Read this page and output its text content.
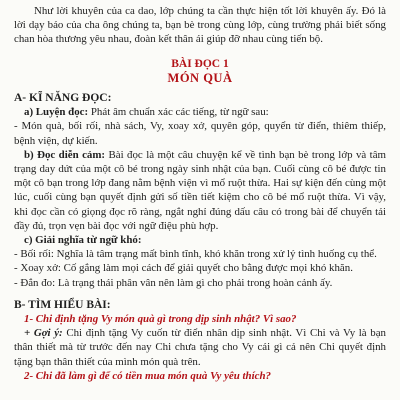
Như lời khuyên của ca dao, lớp chúng ta cần thực hiện tốt lời khuyên ấy. Đó là lời dạy bảo của cha ông chúng ta, bạn bè trong cùng lớp, cùng trường phải biết sống chan hòa thương yêu nhau, đoàn kết thân ái giúp đỡ nhau cùng tiến bộ.

BÀI ĐỌC 1
MÓN QUÀ
A- KĨ NĂNG ĐỌC:

a) Luyện đọc: Phát âm chuẩn xác các tiếng, từ ngữ sau:

- Món quà, bối rối, nhà sách, Vy, xoay xở, quyên góp, quyển từ điển, thiêm thiếp, bệnh viện, dự kiến.

b) Đọc diễn cảm: Bài đọc là một câu chuyện kể về tình bạn bè trong lớp và tâm trạng day dứt của một cô bé trong ngày sinh nhật của bạn. Cuối cùng cô bé được tin một cô bạn trong lớp đang nằm bệnh viện vì mổ ruột thừa. Hai sự kiện đến cùng một lúc, cuối cùng bạn quyết định gửi số tiền tiết kiệm cho cô bé mổ ruột thừa. Vì vậy, khi đọc cần có giọng đọc rõ ràng, ngắt nghỉ đúng dấu câu có trong bài để chuyển tải đầy đủ, trọn vẹn bài đọc với ngữ điệu phù hợp.

c) Giải nghĩa từ ngữ khó:

- Bối rối: Nghĩa là tâm trạng mất bình tĩnh, khó khăn trong xử lý tình huống cụ thể.

- Xoay xở: Cố gắng làm mọi cách để giải quyết cho bằng được mọi khó khăn.

- Đắn đo: Là trạng thái phân vân nên làm gì cho phải trong hoàn cảnh ấy.

B- TÌM HIỂU BÀI:

1- Chi định tặng Vy món quà gì trong dịp sinh nhật? Vì sao?

+ Gợi ý: Chi định tặng Vy cuốn từ điển nhân dịp sinh nhật. Vì Chi và Vy là bạn thân thiết mà từ trước đến nay Chi chưa tặng cho Vy cái gì cả nên Chi quyết định tặng bạn thân thiết của mình món quà trên.

2- Chi đã làm gì để có tiền mua món quà Vy yêu thích?
